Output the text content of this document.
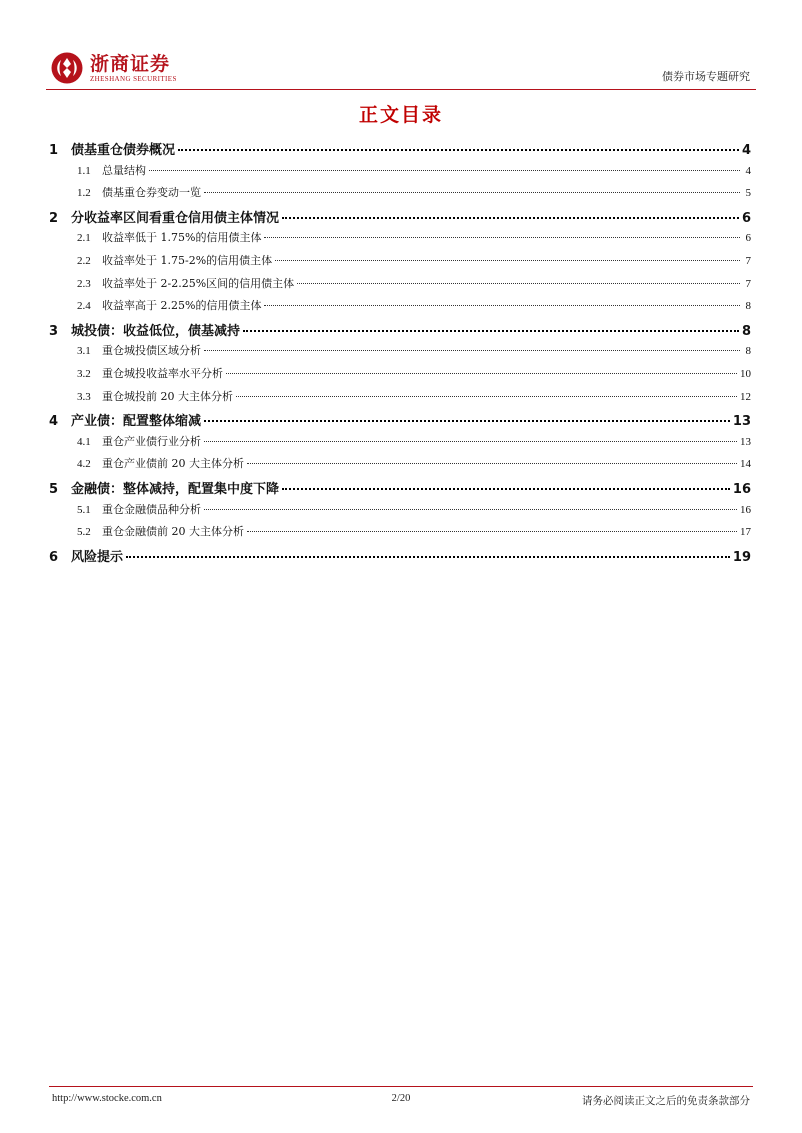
浙商证券
ZHESHANG SECURITIES	债券市场专题研究
正文目录
1 债基重仓债券概况	4
1.1	总量结构	4
1.2	债基重仓券变动一览	5
2 分收益率区间看重仓信用债主体情况	6
2.1	收益率低于 1.75%的信用债主体	6
2.2	收益率处于 1.75-2%的信用债主体	7
2.3	收益率处于 2-2.25%区间的信用债主体	7
2.4	收益率高于 2.25%的信用债主体	8
3 城投债：收益低位，债基减持	8
3.1	重仓城投债区域分析	8
3.2	重仓城投收益率水平分析	10
3.3	重仓城投前 20 大主体分析	12
4 产业债：配置整体缩减	13
4.1	重仓产业债行业分析	13
4.2	重仓产业债前 20 大主体分析	14
5 金融债：整体减持，配置集中度下降	16
5.1	重仓金融债品种分析	16
5.2	重仓金融债前 20 大主体分析	17
6 风险提示	19
http://www.stocke.com.cn	2/20	请务必阅读正文之后的免责条款部分
